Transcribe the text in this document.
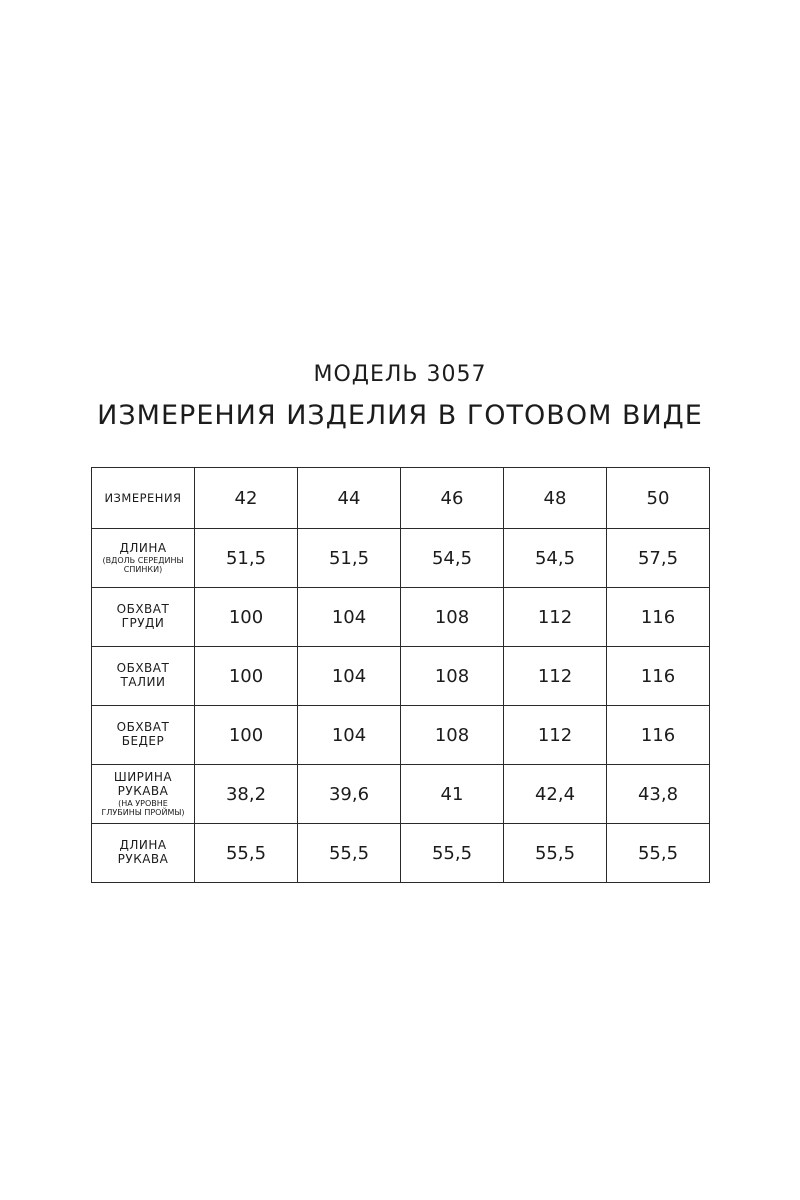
МОДЕЛЬ 3057
ИЗМЕРЕНИЯ ИЗДЕЛИЯ В ГОТОВОМ ВИДЕ
ИЗМЕРЕНИЯ	42	44	46	48	50

ДЛИНА
(ВДОЛЬ СЕРЕДИНЫ
СПИНКИ)	51,5	51,5	54,5	54,5	57,5

ОБХВАТ
ГРУДИ	100	104	108	112	116

ОБХВАТ
ТАЛИИ	100	104	108	112	116

ОБХВАТ
БЕДЕР	100	104	108	112	116

ШИРИНА
РУКАВА
(НА УРОВНЕ
ГЛУБИНЫ ПРОЙМЫ)	38,2	39,6	41	42,4	43,8

ДЛИНА
РУКАВА	55,5	55,5	55,5	55,5	55,5
